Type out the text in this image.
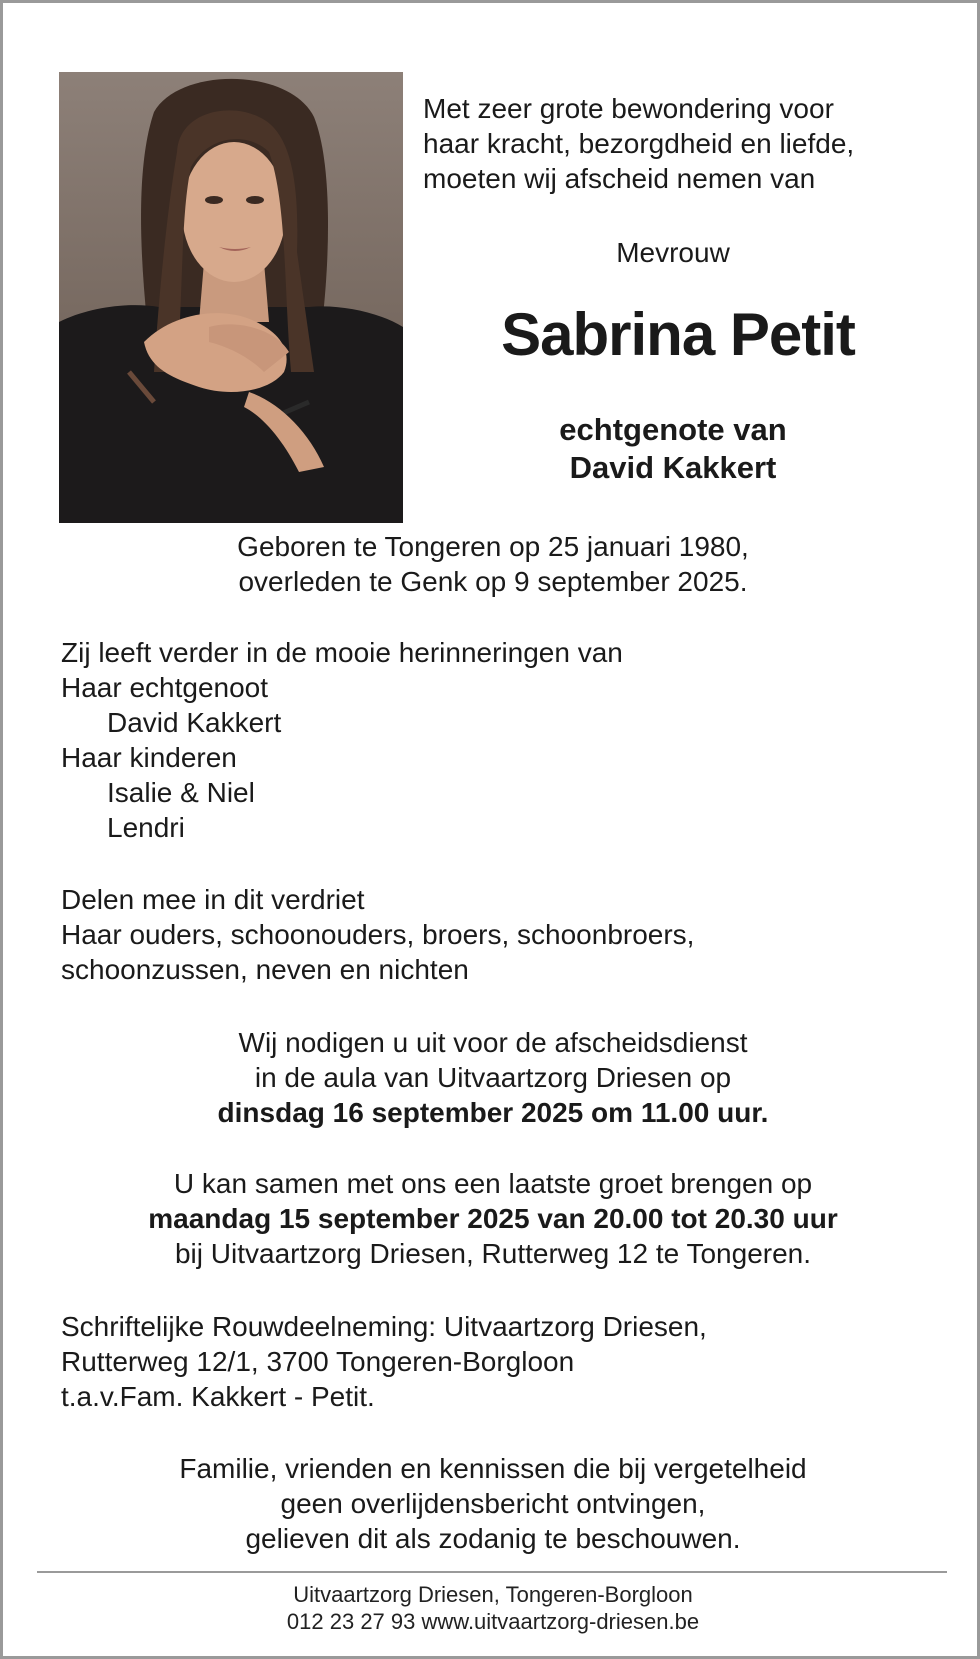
Met zeer grote bewondering voor
haar kracht, bezorgdheid en liefde,
moeten wij afscheid nemen van
Mevrouw
Sabrina Petit
echtgenote van
David Kakkert
Geboren te Tongeren op 25 januari 1980,
overleden te Genk op 9 september 2025.
Zij leeft verder in de mooie herinneringen van
Haar echtgenoot
David Kakkert
Haar kinderen
Isalie & Niel
Lendri
Delen mee in dit verdriet
Haar ouders, schoonouders, broers, schoonbroers,
schoonzussen, neven en nichten
Wij nodigen u uit voor de afscheidsdienst
in de aula van Uitvaartzorg Driesen op
dinsdag 16 september 2025 om 11.00 uur.
U kan samen met ons een laatste groet brengen op
maandag 15 september 2025 van 20.00 tot 20.30 uur
bij Uitvaartzorg Driesen, Rutterweg 12 te Tongeren.
Schriftelijke Rouwdeelneming: Uitvaartzorg Driesen,
Rutterweg 12/1, 3700 Tongeren-Borgloon
t.a.v.Fam. Kakkert - Petit.
Familie, vrienden en kennissen die bij vergetelheid
geen overlijdensbericht ontvingen,
gelieven dit als zodanig te beschouwen.
Uitvaartzorg Driesen, Tongeren-Borgloon
012 23 27 93 www.uitvaartzorg-driesen.be
